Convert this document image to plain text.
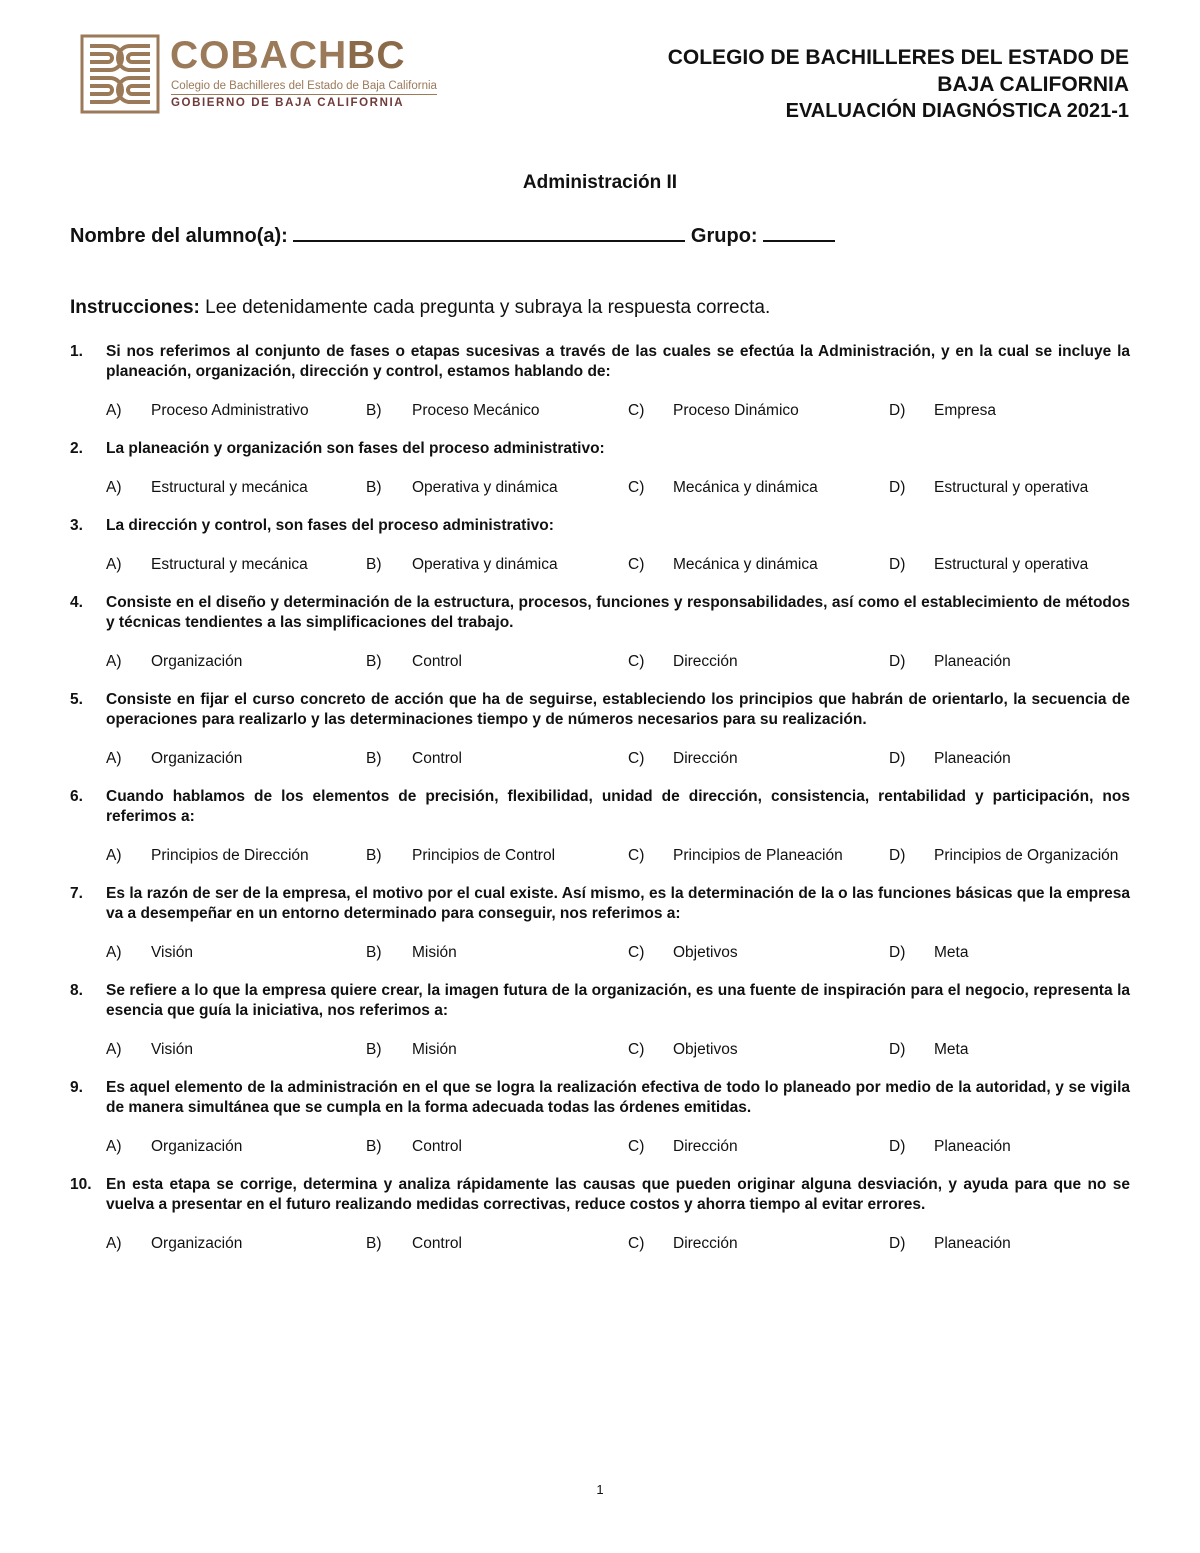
COBACHBC
Colegio de Bachilleres del Estado de Baja California
GOBIERNO DE BAJA CALIFORNIA
COLEGIO DE BACHILLERES DEL ESTADO DE
BAJA CALIFORNIA
EVALUACIÓN DIAGNÓSTICA 2021-1
Administración II
Nombre del alumno(a):	Grupo:
Instrucciones: Lee detenidamente cada pregunta y subraya la respuesta correcta.
1.	Si nos referimos al conjunto de fases o etapas sucesivas a través de las cuales se efectúa la Administración, y en la cual se incluye la planeación, organización, dirección y control, estamos hablando de:
A) Proceso Administrativo	B) Proceso Mecánico	C) Proceso Dinámico	D) Empresa
2.	La planeación y organización son fases del proceso administrativo:
A) Estructural y mecánica	B) Operativa y dinámica	C) Mecánica y dinámica	D) Estructural y operativa
3.	La dirección y control, son fases del proceso administrativo:
A) Estructural y mecánica	B) Operativa y dinámica	C) Mecánica y dinámica	D) Estructural y operativa
4.	Consiste en el diseño y determinación de la estructura, procesos, funciones y responsabilidades, así como el establecimiento de métodos y técnicas tendientes a las simplificaciones del trabajo.
A) Organización	B) Control	C) Dirección	D) Planeación
5.	Consiste en fijar el curso concreto de acción que ha de seguirse, estableciendo los principios que habrán de orientarlo, la secuencia de operaciones para realizarlo y las determinaciones tiempo y de números necesarios para su realización.
A) Organización	B) Control	C) Dirección	D) Planeación
6.	Cuando hablamos de los elementos de precisión, flexibilidad, unidad de dirección, consistencia, rentabilidad y participación, nos referimos a:
A) Principios de Dirección	B) Principios de Control	C) Principios de Planeación	D) Principios de Organización
7.	Es la razón de ser de la empresa, el motivo por el cual existe. Así mismo, es la determinación de la o las funciones básicas que la empresa va a desempeñar en un entorno determinado para conseguir, nos referimos a:
A) Visión	B) Misión	C) Objetivos	D) Meta
8.	Se refiere a lo que la empresa quiere crear, la imagen futura de la organización, es una fuente de inspiración para el negocio, representa la esencia que guía la iniciativa, nos referimos a:
A) Visión	B) Misión	C) Objetivos	D) Meta
9.	Es aquel elemento de la administración en el que se logra la realización efectiva de todo lo planeado por medio de la autoridad, y se vigila de manera simultánea que se cumpla en la forma adecuada todas las órdenes emitidas.
A) Organización	B) Control	C) Dirección	D) Planeación
10. En esta etapa se corrige, determina y analiza rápidamente las causas que pueden originar alguna desviación, y ayuda para que no se vuelva a presentar en el futuro realizando medidas correctivas, reduce costos y ahorra tiempo al evitar errores.
A) Organización	B) Control	C) Dirección	D) Planeación
1
